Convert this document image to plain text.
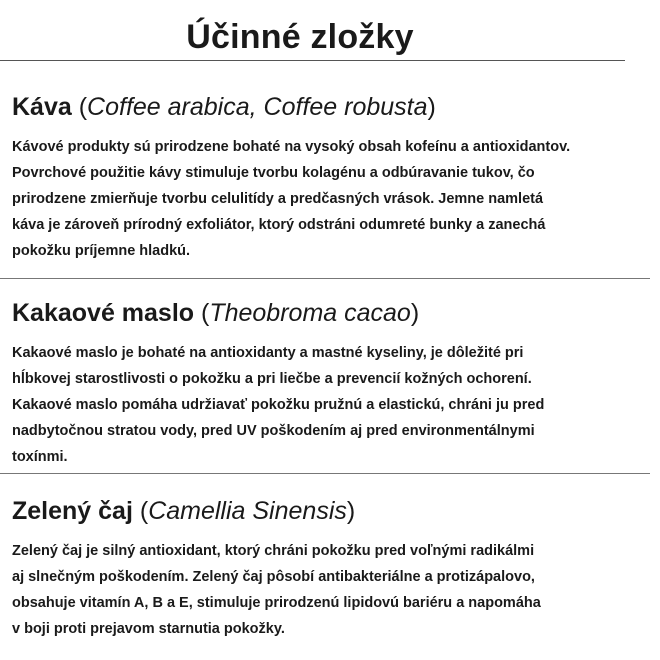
Účinné zložky
Káva (Coffee arabica, Coffee robusta)

Kávové produkty sú prirodzene bohaté na vysoký obsah kofeínu a antioxidantov.
Povrchové použitie kávy stimuluje tvorbu kolagénu a odbúravanie tukov, čo
prirodzene zmierňuje tvorbu celulitídy a predčasných vrások. Jemne namletá
káva je zároveň prírodný exfoliátor, ktorý odstráni odumreté bunky a zanechá
pokožku príjemne hladkú.

Kakaové maslo (Theobroma cacao)

Kakaové maslo je bohaté na antioxidanty a mastné kyseliny, je dôležité pri
hĺbkovej starostlivosti o pokožku a pri liečbe a prevencií kožných ochorení.
Kakaové maslo pomáha udržiavať pokožku pružnú a elastickú, chráni ju pred
nadbytočnou stratou vody, pred UV poškodením aj pred environmentálnymi
toxínmi.

Zelený čaj (Camellia Sinensis)

Zelený čaj je silný antioxidant, ktorý chráni pokožku pred voľnými radikálmi
aj slnečným poškodením. Zelený čaj pôsobí antibakteriálne a protizápalovo,
obsahuje vitamín A, B a E, stimuluje prirodzenú lipidovú bariéru a napomáha
v boji proti prejavom starnutia pokožky.
